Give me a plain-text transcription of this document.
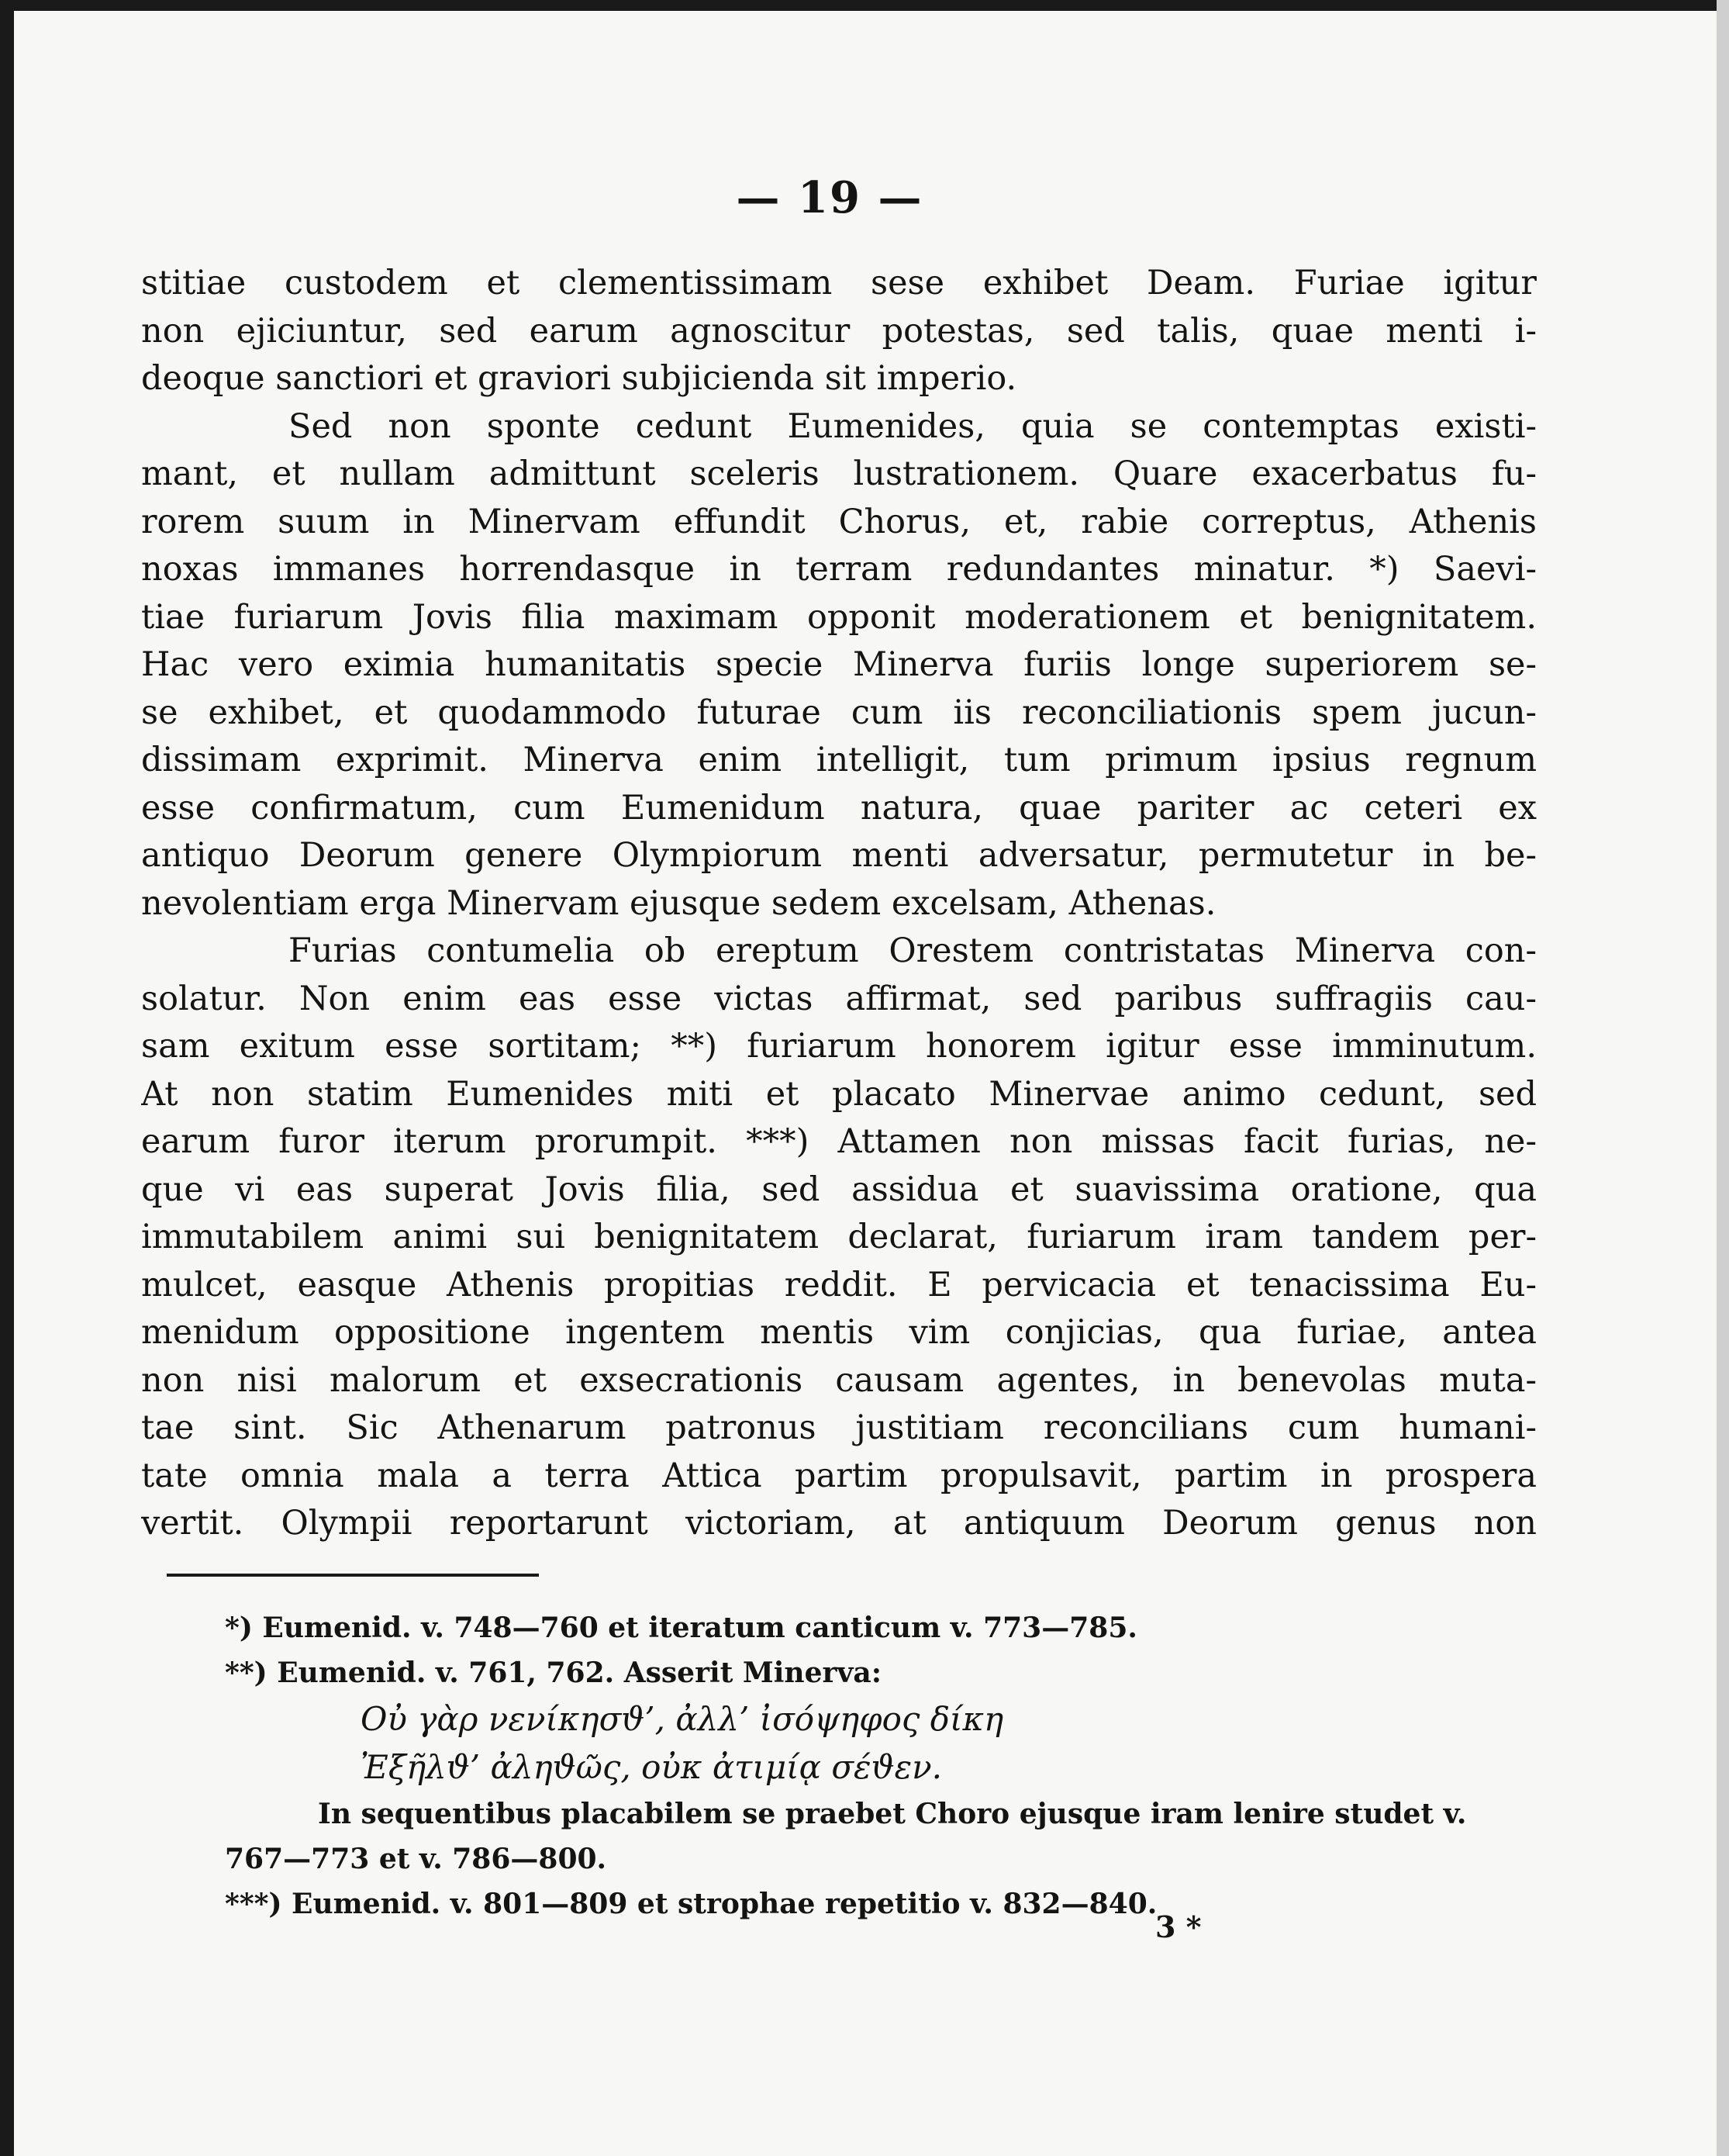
— 19 —
stitiae custodem et clementissimam sese exhibet Deam. Furiae igitur
non ejiciuntur, sed earum agnoscitur potestas, sed talis, quae menti i-
deoque sanctiori et graviori subjicienda sit imperio.
Sed non sponte cedunt Eumenides, quia se contemptas existi-
mant, et nullam admittunt sceleris lustrationem. Quare exacerbatus fu-
rorem suum in Minervam effundit Chorus, et, rabie correptus, Athenis
noxas immanes horrendasque in terram redundantes minatur. *) Saevi-
tiae furiarum Jovis filia maximam opponit moderationem et benignitatem.
Hac vero eximia humanitatis specie Minerva furiis longe superiorem se-
se exhibet, et quodammodo futurae cum iis reconciliationis spem jucun-
dissimam exprimit. Minerva enim intelligit, tum primum ipsius regnum
esse confirmatum, cum Eumenidum natura, quae pariter ac ceteri ex
antiquo Deorum genere Olympiorum menti adversatur, permutetur in be-
nevolentiam erga Minervam ejusque sedem excelsam, Athenas.
Furias contumelia ob ereptum Orestem contristatas Minerva con-
solatur. Non enim eas esse victas affirmat, sed paribus suffragiis cau-
sam exitum esse sortitam; **) furiarum honorem igitur esse imminutum.
At non statim Eumenides miti et placato Minervae animo cedunt, sed
earum furor iterum prorumpit. ***) Attamen non missas facit furias, ne-
que vi eas superat Jovis filia, sed assidua et suavissima oratione, qua
immutabilem animi sui benignitatem declarat, furiarum iram tandem per-
mulcet, easque Athenis propitias reddit. E pervicacia et tenacissima Eu-
menidum oppositione ingentem mentis vim conjicias, qua furiae, antea
non nisi malorum et exsecrationis causam agentes, in benevolas muta-
tae sint. Sic Athenarum patronus justitiam reconcilians cum humani-
tate omnia mala a terra Attica partim propulsavit, partim in prospera
vertit. Olympii reportarunt victoriam, at antiquum Deorum genus non
*) Eumenid. v. 748—760 et iteratum canticum v. 773—785.
**) Eumenid. v. 761, 762. Asserit Minerva:
Οὐ γὰρ νενίκησϑ’, ἀλλ’ ἰσόψηφος δίκη
Ἐξῆλϑ’ ἀληϑῶς, οὐκ ἀτιμίᾳ σέϑεν.
In sequentibus placabilem se praebet Choro ejusque iram lenire studet v.
767—773 et v. 786—800.
***) Eumenid. v. 801—809 et strophae repetitio v. 832—840.
3 *
